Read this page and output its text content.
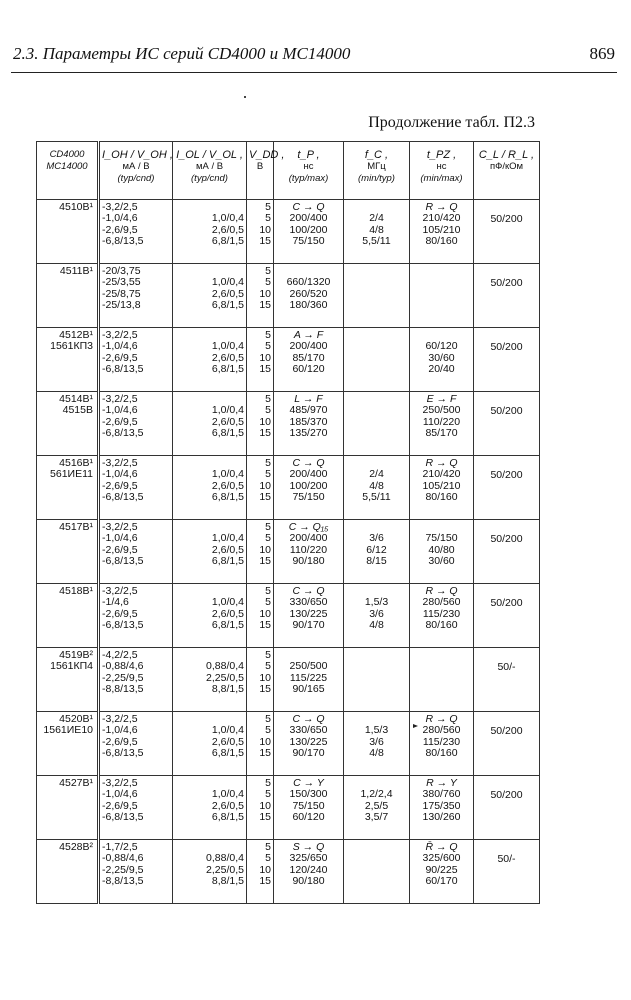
2.3. Параметры ИС серий CD4000 и MC14000	869
Продолжение табл. П2.3
CD4000
MC14000	I_OH / V_OH ,
мА / В
(typ/cnd)	I_OL / V_OL ,
мА / В
(typ/cnd)	V_DD ,
В	t_P ,
нс
(typ/max)	f_C ,
МГц
(min/typ)	t_PZ ,
нс
(min/max)	C_L / R_L ,
пФ/кОм

4510B¹	-3,2/2,5
-1,0/4,6
-2,6/9,5
-6,8/13,5	1,0/0,4
2,6/0,5
6,8/1,5	5
5
10
15	C → Q
200/400
100/200
75/150	2/4
4/8
5,5/11	R → Q
210/420
105/210
80/160	50/200

4511B¹	-20/3,75
-25/3,55
-25/8,75
-25/13,8	1,0/0,4
2,6/0,5
6,8/1,5	5
5
10
15	660/1320
260/520
180/360			50/200

4512B¹
1561КП3	-3,2/2,5
-1,0/4,6
-2,6/9,5
-6,8/13,5	1,0/0,4
2,6/0,5
6,8/1,5	5
5
10
15	A → F
200/400
85/170
60/120		60/120
30/60
20/40	50/200

4514B¹
4515B	-3,2/2,5
-1,0/4,6
-2,6/9,5
-6,8/13,5	1,0/0,4
2,6/0,5
6,8/1,5	5
5
10
15	L → F
485/970
185/370
135/270		E → F
250/500
110/220
85/170	50/200

4516B¹
561ИЕ11	-3,2/2,5
-1,0/4,6
-2,6/9,5
-6,8/13,5	1,0/0,4
2,6/0,5
6,8/1,5	5
5
10
15	C → Q
200/400
100/200
75/150	2/4
4/8
5,5/11	R → Q
210/420
105/210
80/160	50/200

4517B¹	-3,2/2,5
-1,0/4,6
-2,6/9,5
-6,8/13,5	1,0/0,4
2,6/0,5
6,8/1,5	5
5
10
15	C → Q₁₅
200/400
110/220
90/180	3/6
6/12
8/15	75/150
40/80
30/60	50/200

4518B¹	-3,2/2,5
-1/4,6
-2,6/9,5
-6,8/13,5	1,0/0,4
2,6/0,5
6,8/1,5	5
5
10
15	C → Q
330/650
130/225
90/170	1,5/3
3/6
4/8	R → Q
280/560
115/230
80/160	50/200

4519B²
1561КП4	-4,2/2,5
-0,88/4,6
-2,25/9,5
-8,8/13,5	0,88/0,4
2,25/0,5
8,8/1,5	5
5
10
15	250/500
115/225
90/165			50/-

4520B¹
1561ИЕ10	-3,2/2,5
-1,0/4,6
-2,6/9,5
-6,8/13,5	1,0/0,4
2,6/0,5
6,8/1,5	5
5
10
15	C → Q
330/650
130/225
90/170	1,5/3
3/6
4/8	R → Q
280/560
115/230
80/160	50/200

4527B¹	-3,2/2,5
-1,0/4,6
-2,6/9,5
-6,8/13,5	1,0/0,4
2,6/0,5
6,8/1,5	5
5
10
15	C → Y
150/300
75/150
60/120	1,2/2,4
2,5/5
3,5/7	R → Y
380/760
175/350
130/260	50/200

4528B²	-1,7/2,5
-0,88/4,6
-2,25/9,5
-8,8/13,5	0,88/0,4
2,25/0,5
8,8/1,5	5
5
10
15	S → Q
325/650
120/240
90/180		R̄ → Q
325/600
90/225
60/170	50/-
